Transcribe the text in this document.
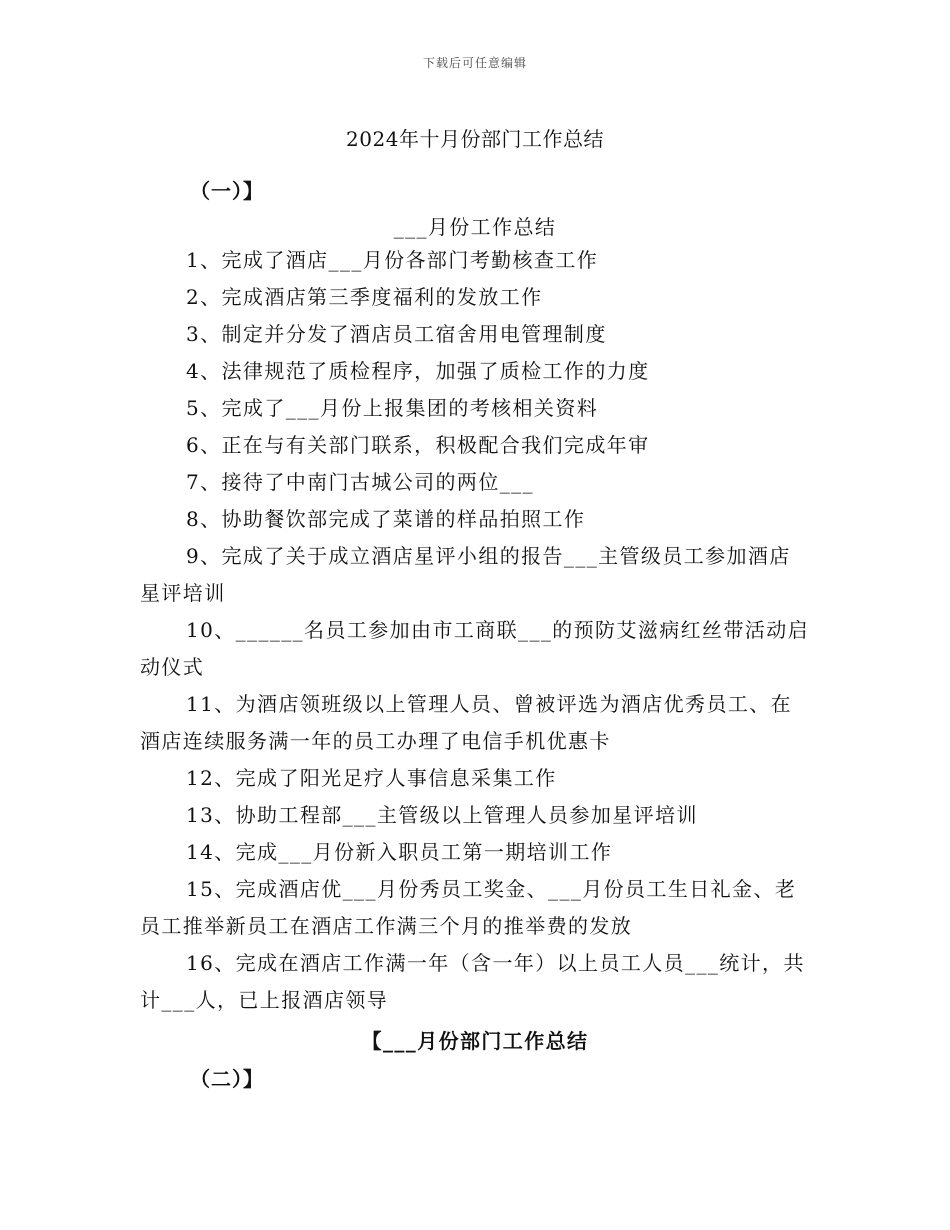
下载后可任意编辑
2024年十月份部门工作总结
（一）】
___月份工作总结
1、完成了酒店___月份各部门考勤核查工作
2、完成酒店第三季度福利的发放工作
3、制定并分发了酒店员工宿舍用电管理制度
4、法律规范了质检程序，加强了质检工作的力度
5、完成了___月份上报集团的考核相关资料
6、正在与有关部门联系，积极配合我们完成年审
7、接待了中南门古城公司的两位___
8、协助餐饮部完成了菜谱的样品拍照工作
9、完成了关于成立酒店星评小组的报告___主管级员工参加酒店
星评培训
10、______名员工参加由市工商联___的预防艾滋病红丝带活动启
动仪式
11、为酒店领班级以上管理人员、曾被评选为酒店优秀员工、在
酒店连续服务满一年的员工办理了电信手机优惠卡
12、完成了阳光足疗人事信息采集工作
13、协助工程部___主管级以上管理人员参加星评培训
14、完成___月份新入职员工第一期培训工作
15、完成酒店优___月份秀员工奖金、___月份员工生日礼金、老
员工推举新员工在酒店工作满三个月的推举费的发放
16、完成在酒店工作满一年（含一年）以上员工人员___统计，共
计___人，已上报酒店领导
【___月份部门工作总结
（二）】
